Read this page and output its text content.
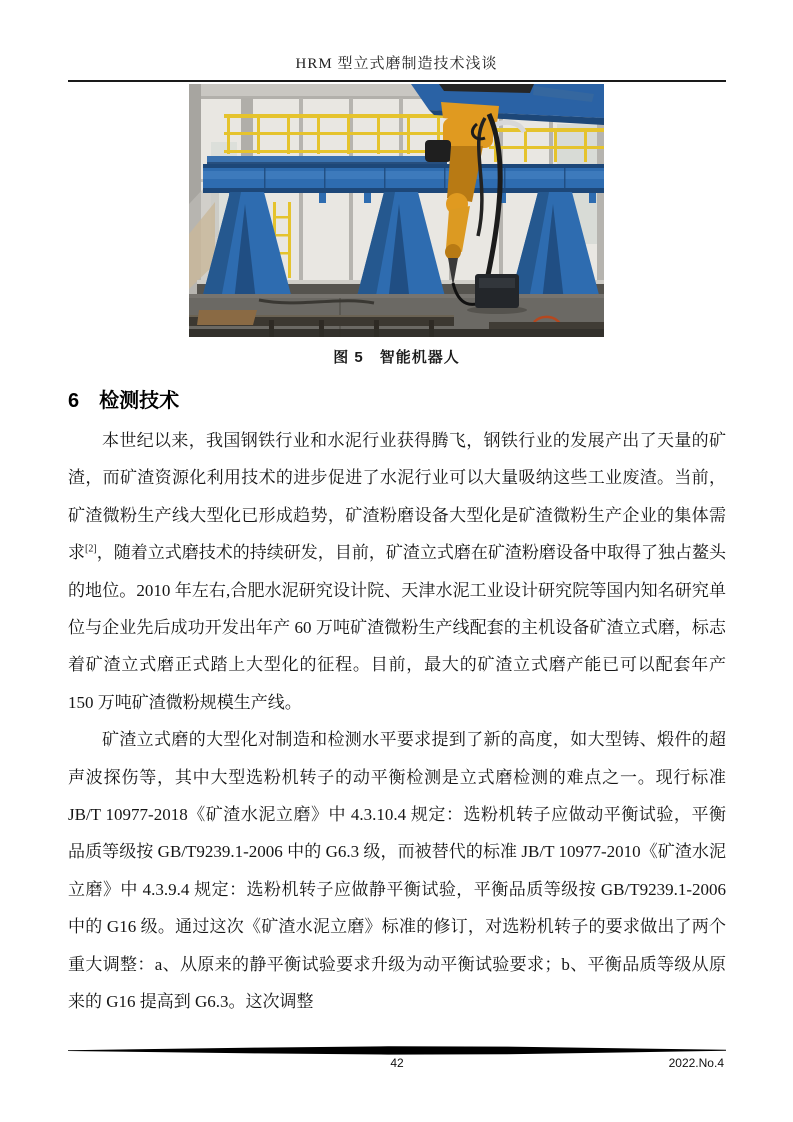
HRM 型立式磨制造技术浅谈
图 5　智能机器人
6 检测技术

本世纪以来，我国钢铁行业和水泥行业获得腾飞，钢铁行业的发展产出了天量的矿渣，而矿渣资源化利用技术的进步促进了水泥行业可以大量吸纳这些工业废渣。当前，矿渣微粉生产线大型化已形成趋势，矿渣粉磨设备大型化是矿渣微粉生产企业的集体需求[2]，随着立式磨技术的持续研发，目前，矿渣立式磨在矿渣粉磨设备中取得了独占鳌头的地位。2010 年左右,合肥水泥研究设计院、天津水泥工业设计研究院等国内知名研究单位与企业先后成功开发出年产 60 万吨矿渣微粉生产线配套的主机设备矿渣立式磨，标志着矿渣立式磨正式踏上大型化的征程。目前，最大的矿渣立式磨产能已可以配套年产 150 万吨矿渣微粉规模生产线。

矿渣立式磨的大型化对制造和检测水平要求提到了新的高度，如大型铸、煅件的超声波探伤等，其中大型选粉机转子的动平衡检测是立式磨检测的难点之一。现行标准 JB/T 10977-2018《矿渣水泥立磨》中 4.3.10.4 规定：选粉机转子应做动平衡试验，平衡品质等级按 GB/T9239.1-2006 中的 G6.3 级，而被替代的标准 JB/T 10977-2010《矿渣水泥立磨》中 4.3.9.4 规定：选粉机转子应做静平衡试验，平衡品质等级按 GB/T9239.1-2006 中的 G16 级。通过这次《矿渣水泥立磨》标准的修订，对选粉机转子的要求做出了两个重大调整：a、从原来的静平衡试验要求升级为动平衡试验要求；b、平衡品质等级从原来的 G16 提高到 G6.3。这次调整

42	2022.No.4
